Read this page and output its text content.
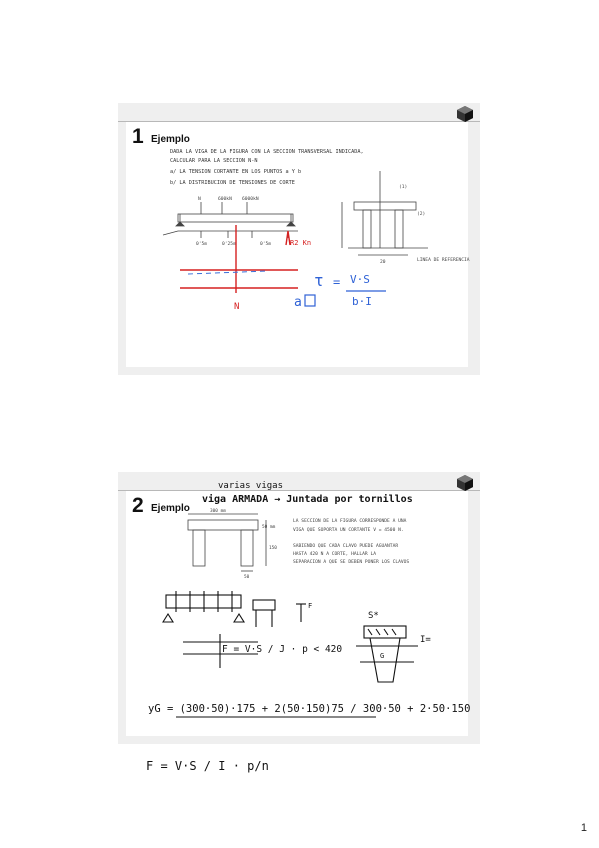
1 Ejemplo
DADA LA VIGA DE LA FIGURA CON LA SECCION TRANSVERSAL INDICADA,
CALCULAR PARA LA SECCION N-N
a/ LA TENSION CORTANTE EN LOS PUNTOS a Y b
b/ LA DISTRIBUCION DE TENSIONES DE CORTE
N	600kN 6000kN
0'5m	0'25m	0'5m	R2 Kn
N
τ = V·S
b·I
a
(1)
(2)
20	LINEA DE REFERENCIA
2 Ejemplo
varias vigas
viga ARMADA → Juntada por tornillos
300 mm
50 mm
150
50
LA SECCION DE LA FIGURA CORRESPONDE A UNA
VIGA QUE SOPORTA UN CORTANTE V = 4500 N.
SABIENDO QUE CADA CLAVO PUEDE AGUANTAR
HASTA 420 N A CORTE, HALLAR LA
SEPARACION A QUE SE DEBEN PONER LOS CLAVOS
F
F = V·S / J · p < 420
S*
I=
G
yG = (300·50)·175 + 2(50·150)75 / 300·50 + 2·50·150
F = V·S / I · p/n
1
